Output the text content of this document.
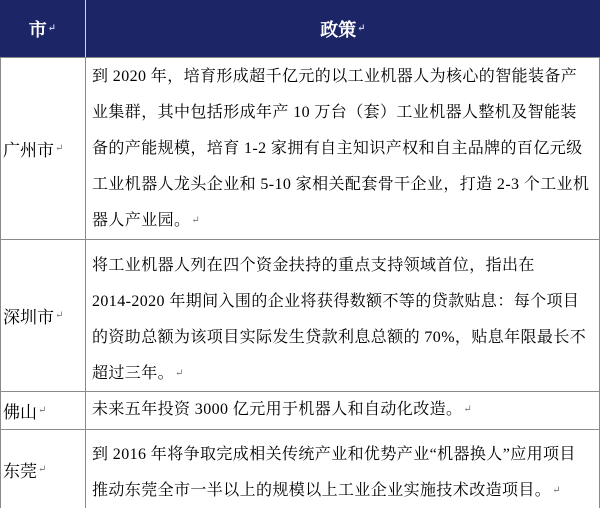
市 ↵	政策 ↵
广州市 ↵
到 2020 年，培育形成超千亿元的以工业机器人为核心的智能装备产
业集群，其中包括形成年产 10 万台（套）工业机器人整机及智能装
备的产能规模，培育 1-2 家拥有自主知识产权和自主品牌的百亿元级
工业机器人龙头企业和 5-10 家相关配套骨干企业，打造 2-3 个工业机
器人产业园。↵
深圳市 ↵
将工业机器人列在四个资金扶持的重点支持领域首位，指出在
2014-2020 年期间入围的企业将获得数额不等的贷款贴息：每个项目
的资助总额为该项目实际发生贷款利息总额的 70%，贴息年限最长不
超过三年。↵
佛山 ↵	未来五年投资 3000 亿元用于机器人和自动化改造。↵
东莞 ↵
到 2016 年将争取完成相关传统产业和优势产业“机器换人”应用项目
推动东莞全市一半以上的规模以上工业企业实施技术改造项目。↵
